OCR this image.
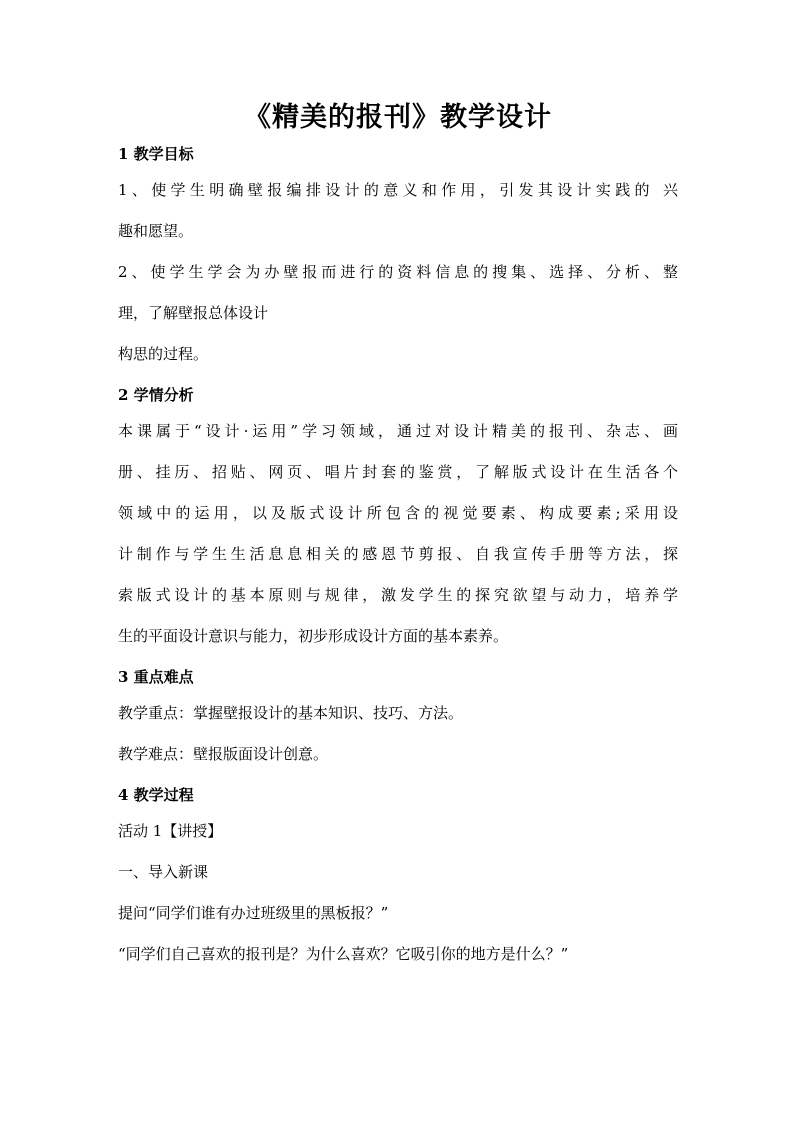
《精美的报刊》教学设计
1 教学目标
1、使学生明确壁报编排设计的意义和作用，引发其设计实践的 兴
趣和愿望。
2、使学生学会为办壁报而进行的资料信息的搜集、选择、分析、整
理，了解壁报总体设计
构思的过程。
2 学情分析
本课属于“设计·运用”学习领域，通过对设计精美的报刊、杂志、画
册、挂历、招贴、网页、唱片封套的鉴赏，了解版式设计在生活各个
领域中的运用，以及版式设计所包含的视觉要素、构成要素;采用设
计制作与学生生活息息相关的感恩节剪报、自我宣传手册等方法，探
索版式设计的基本原则与规律，激发学生的探究欲望与动力，培养学
生的平面设计意识与能力，初步形成设计方面的基本素养。
3 重点难点
教学重点：掌握壁报设计的基本知识、技巧、方法。
教学难点：壁报版面设计创意。
4 教学过程
活动 1【讲授】
一、导入新课
提问“同学们谁有办过班级里的黑板报？”
“同学们自己喜欢的报刊是？为什么喜欢？它吸引你的地方是什么？”
